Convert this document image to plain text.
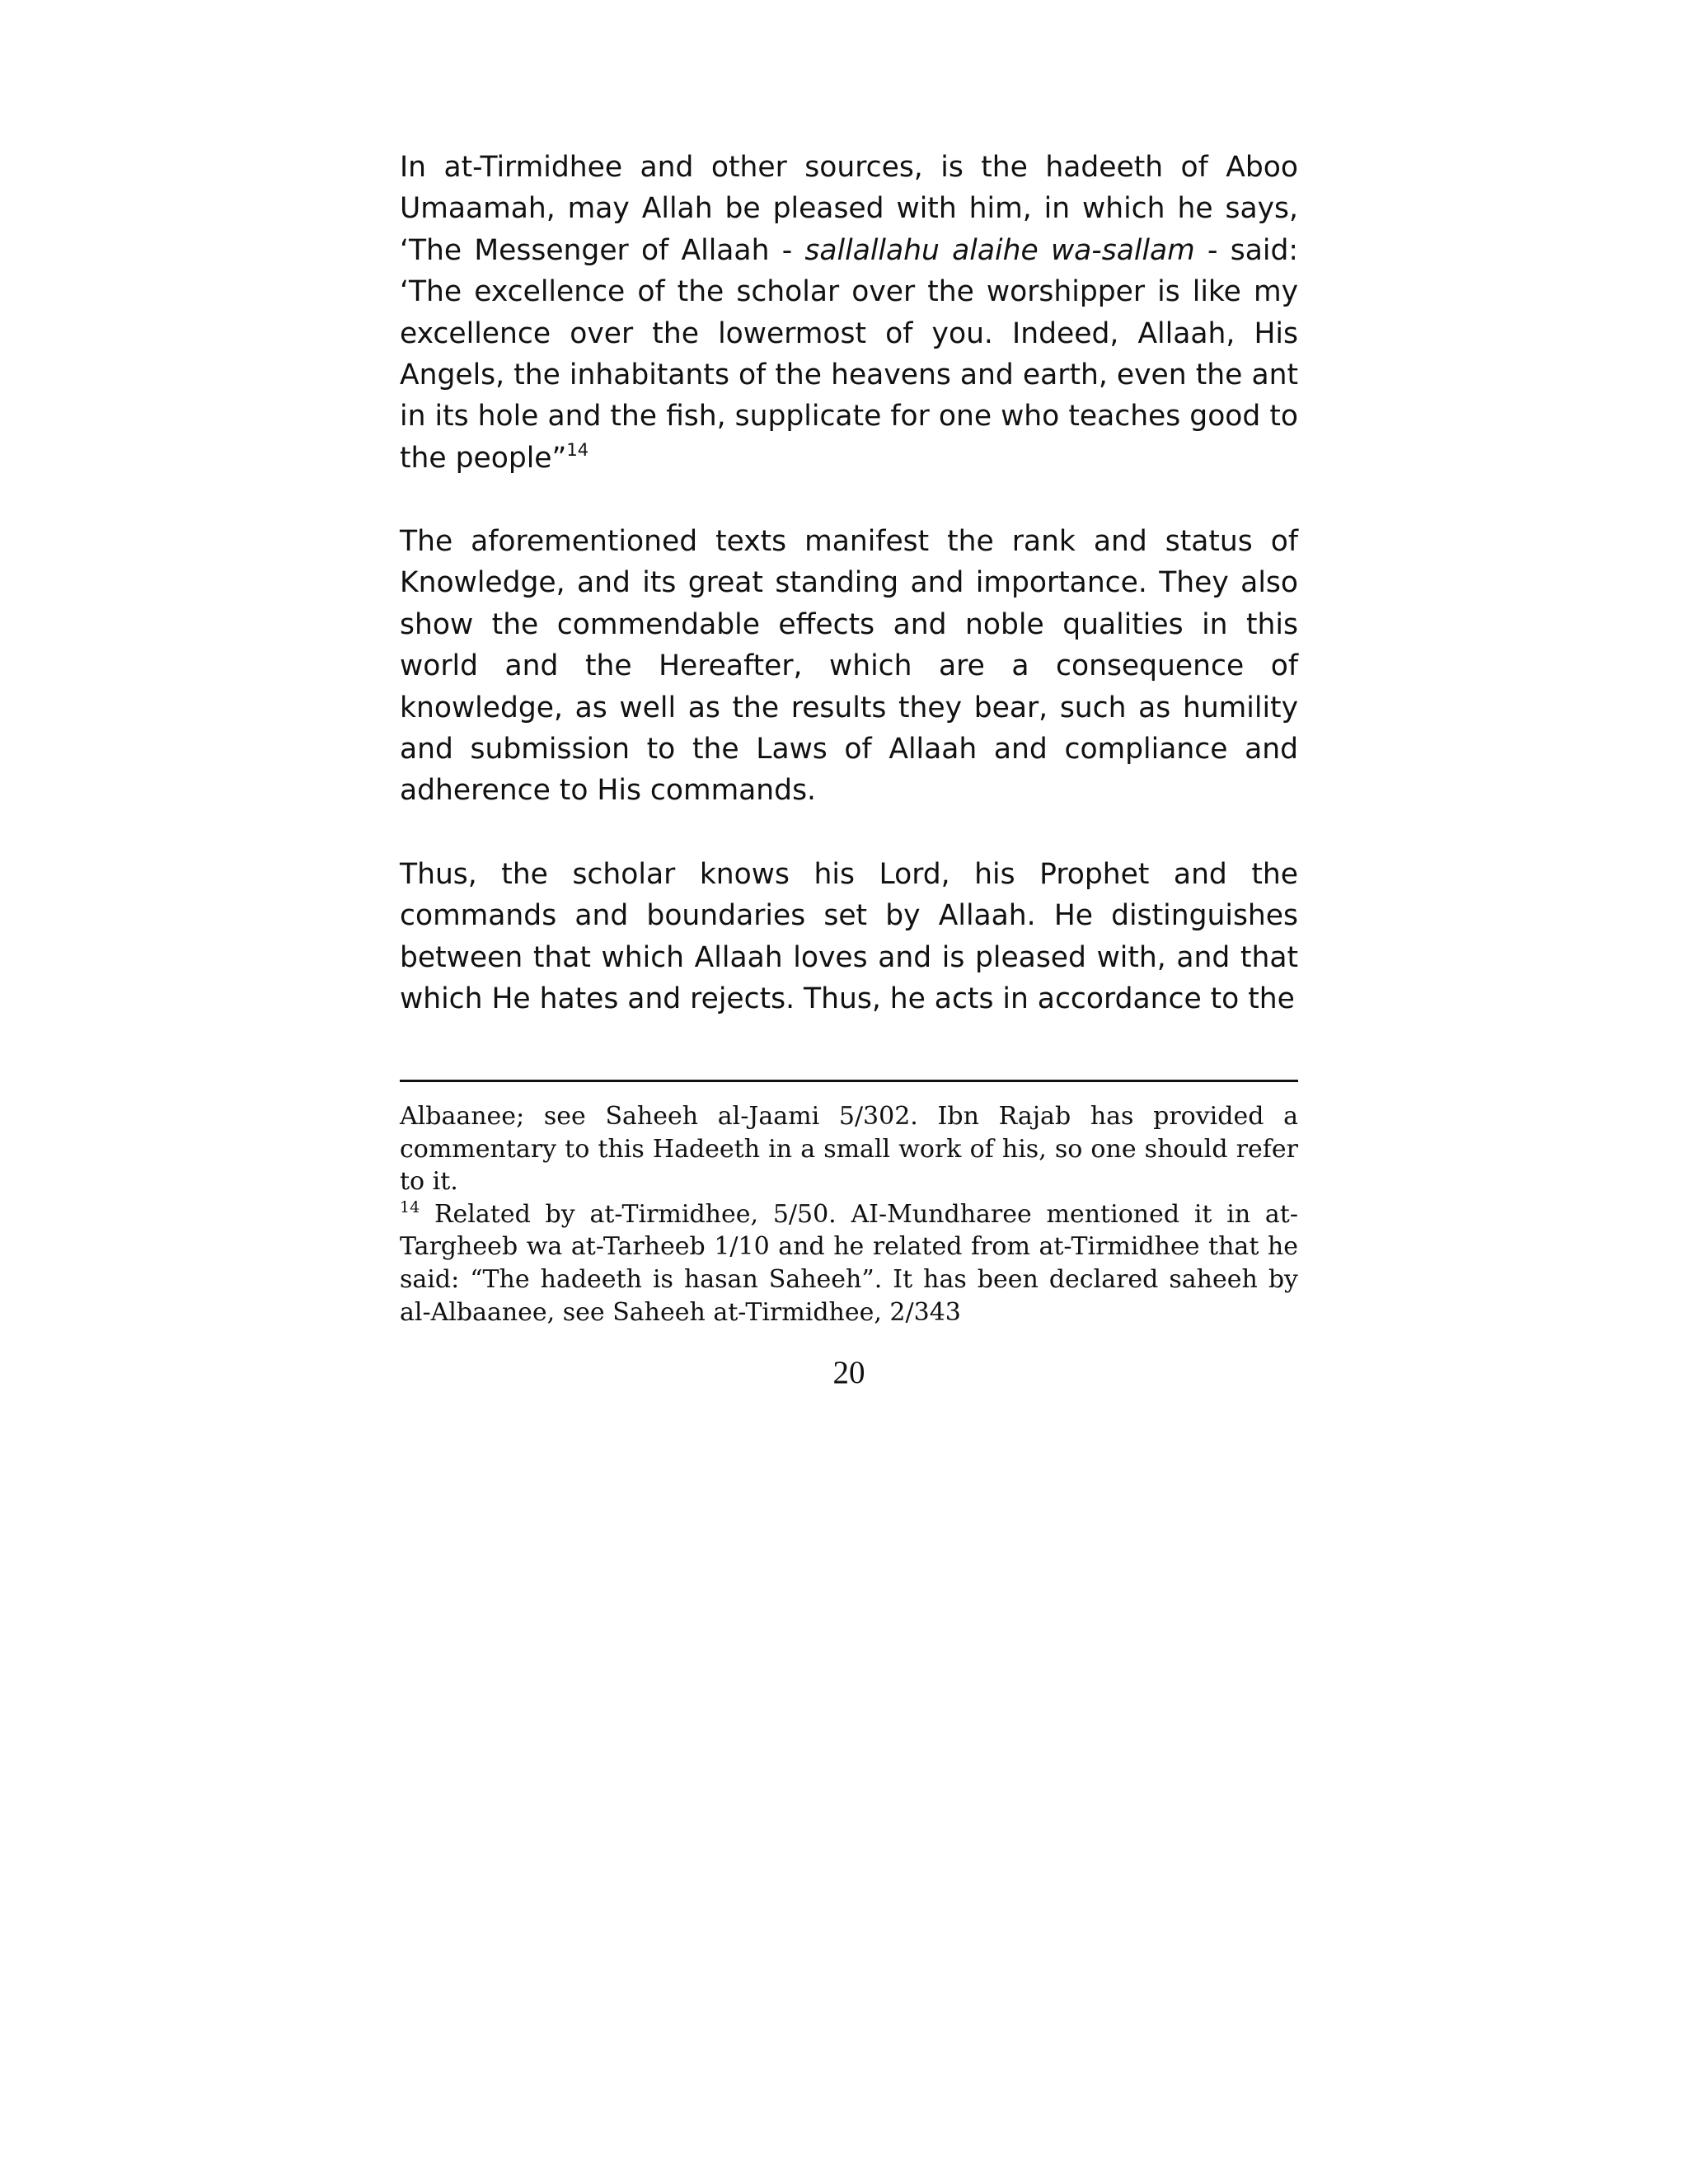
In at-Tirmidhee and other sources, is the hadeeth of Aboo Umaamah, may Allah be pleased with him, in which he says, ‘The Messenger of Allaah - sallallahu alaihe wa-sallam - said: ‘The excellence of the scholar over the worshipper is like my excellence over the lowermost of you. Indeed, Allaah, His Angels, the inhabitants of the heavens and earth, even the ant in its hole and the fish, supplicate for one who teaches good to the people”$^{14}$

The aforementioned texts manifest the rank and status of Knowledge, and its great standing and importance. They also show the commendable effects and noble qualities in this world and the Hereafter, which are a consequence of knowledge, as well as the results they bear, such as humility and submission to the Laws of Allaah and compliance and adherence to His commands.

Thus, the scholar knows his Lord, his Prophet and the commands and boundaries set by Allaah. He distinguishes between that which Allaah loves and is pleased with, and that which He hates and rejects. Thus, he acts in accordance to the

Albaanee; see Saheeh al-Jaami 5/302. Ibn Rajab has provided a commentary to this Hadeeth in a small work of his, so one should refer to it.

$^{14}$ Related by at-Tirmidhee, 5/50. AI-Mundharee mentioned it in at-Targheeb wa at-Tarheeb 1/10 and he related from at-Tirmidhee that he said: “The hadeeth is hasan Saheeh”. It has been declared saheeh by al-Albaanee, see Saheeh at-Tirmidhee, 2/343

20
